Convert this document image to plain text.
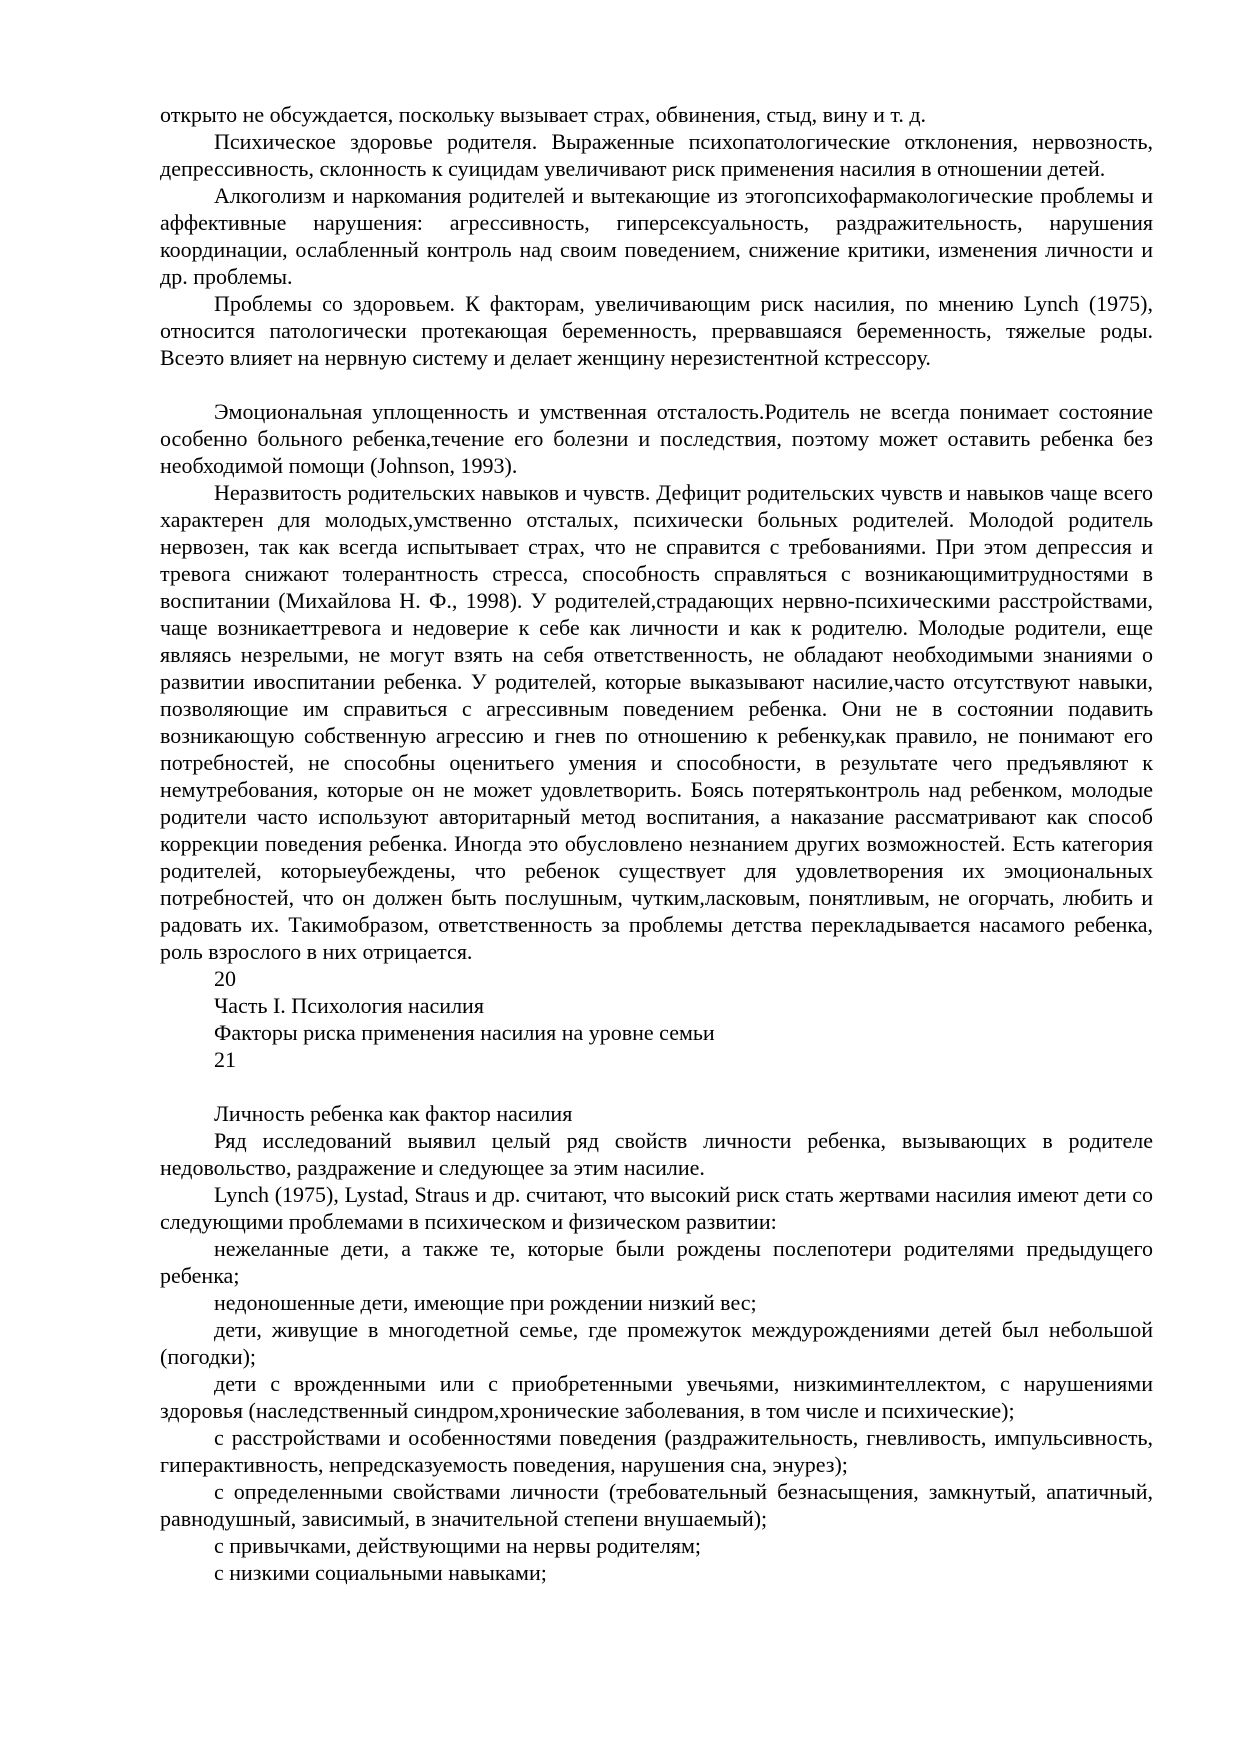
открыто не обсуждается, поскольку вызывает страх, обвинения, стыд, вину и т. д.

Психическое здоровье родителя. Выраженные психопатологические отклонения, нервозность, депрессивность, склонность к суицидам увеличивают риск применения насилия в отношении детей.

Алкоголизм и наркомания родителей и вытекающие из этогопсихофармакологические проблемы и аффективные нарушения: агрессивность, гиперсексуальность, раздражительность, нарушения координации, ослабленный контроль над своим поведением, снижение критики, изменения личности и др. проблемы.

Проблемы со здоровьем. К факторам, увеличивающим риск насилия, по мнению Lynch (1975), относится патологически протекающая беременность, прервавшаяся беременность, тяжелые роды. Всеэто влияет на нервную систему и делает женщину нерезистентной кстрессору.

Эмоциональная уплощенность и умственная отсталость.Родитель не всегда понимает состояние особенно больного ребенка,течение его болезни и последствия, поэтому может оставить ребенка без необходимой помощи (Johnson, 1993).

Неразвитость родительских навыков и чувств. Дефицит родительских чувств и навыков чаще всего характерен для молодых,умственно отсталых, психически больных родителей. Молодой родитель нервозен, так как всегда испытывает страх, что не справится с требованиями. При этом депрессия и тревога снижают толерантность стресса, способность справляться с возникающимитрудностями в воспитании (Михайлова Н. Ф., 1998). У родителей,страдающих нервно-психическими расстройствами, чаще возникаеттревога и недоверие к себе как личности и как к родителю. Молодые родители, еще являясь незрелыми, не могут взять на себя ответственность, не обладают необходимыми знаниями о развитии ивоспитании ребенка. У родителей, которые выказывают насилие,часто отсутствуют навыки, позволяющие им справиться с агрессивным поведением ребенка. Они не в состоянии подавить возникающую собственную агрессию и гнев по отношению к ребенку,как правило, не понимают его потребностей, не способны оценитьего умения и способности, в результате чего предъявляют к немутребования, которые он не может удовлетворить. Боясь потерятьконтроль над ребенком, молодые родители часто используют авторитарный метод воспитания, а наказание рассматривают как способ коррекции поведения ребенка. Иногда это обусловлено незнанием других возможностей. Есть категория родителей, которыеубеждены, что ребенок существует для удовлетворения их эмоциональных потребностей, что он должен быть послушным, чутким,ласковым, понятливым, не огорчать, любить и радовать их. Такимобразом, ответственность за проблемы детства перекладывается насамого ребенка, роль взрослого в них отрицается.

20

Часть I. Психология насилия

Факторы риска применения насилия на уровне семьи

21

Личность ребенка как фактор насилия

Ряд исследований выявил целый ряд свойств личности ребенка, вызывающих в родителе недовольство, раздражение и следующее за этим насилие.

Lynch (1975), Lystad, Straus и др. считают, что высокий риск стать жертвами насилия имеют дети со следующими проблемами в психическом и физическом развитии:

нежеланные дети, а также те, которые были рождены послепотери родителями предыдущего ребенка;

недоношенные дети, имеющие при рождении низкий вес;

дети, живущие в многодетной семье, где промежуток междурождениями детей был небольшой (погодки);

дети с врожденными или с приобретенными увечьями, низкиминтеллектом, с нарушениями здоровья (наследственный синдром,хронические заболевания, в том числе и психические);

с расстройствами и особенностями поведения (раздражительность, гневливость, импульсивность, гиперактивность, непредсказуемость поведения, нарушения сна, энурез);

с определенными свойствами личности (требовательный безнасыщения, замкнутый, апатичный, равнодушный, зависимый, в значительной степени внушаемый);

с привычками, действующими на нервы родителям;

с низкими социальными навыками;
